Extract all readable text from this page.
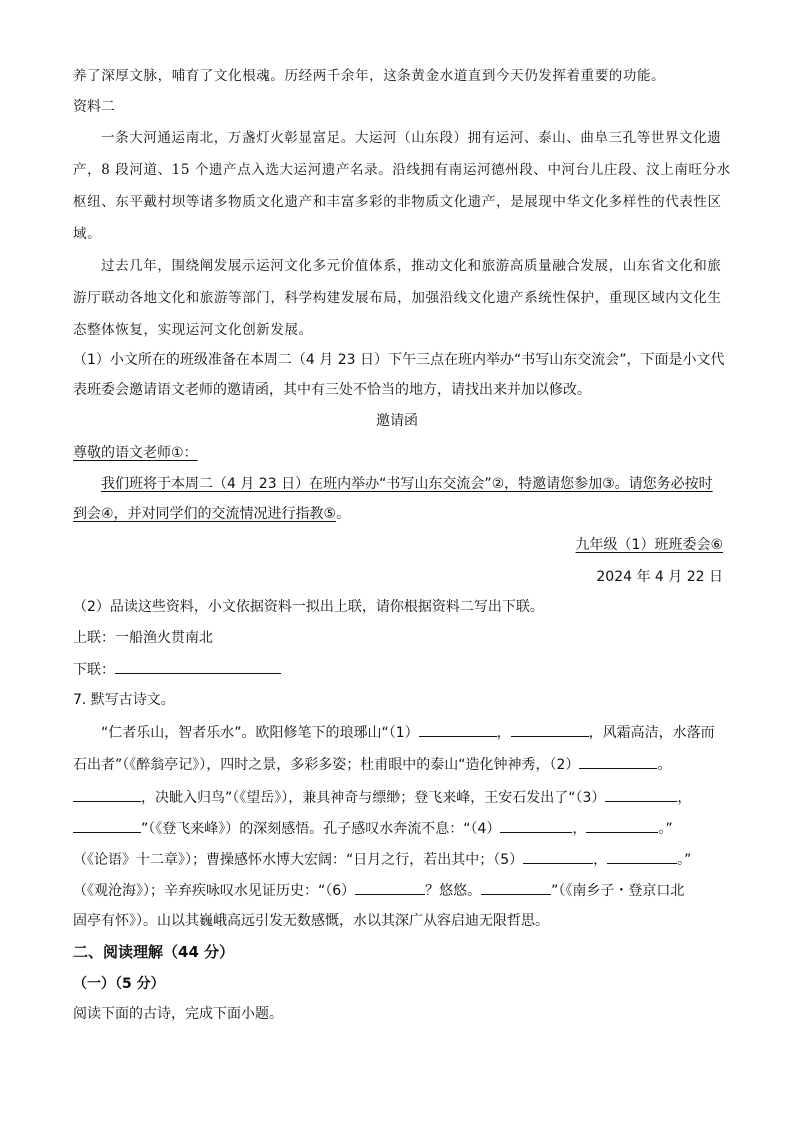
养了深厚文脉，哺育了文化根魂。历经两千余年，这条黄金水道直到今天仍发挥着重要的功能。
资料二
一条大河通运南北，万盏灯火彰显富足。大运河（山东段）拥有运河、泰山、曲阜三孔等世界文化遗
产，8 段河道、15 个遗产点入选大运河遗产名录。沿线拥有南运河德州段、中河台儿庄段、汶上南旺分水
枢纽、东平戴村坝等诸多物质文化遗产和丰富多彩的非物质文化遗产，是展现中华文化多样性的代表性区
域。
过去几年，围绕阐发展示运河文化多元价值体系，推动文化和旅游高质量融合发展，山东省文化和旅
游厅联动各地文化和旅游等部门，科学构建发展布局，加强沿线文化遗产系统性保护，重现区域内文化生
态整体恢复，实现运河文化创新发展。
（1）小文所在的班级准备在本周二（4 月 23 日）下午三点在班内举办“书写山东交流会”，下面是小文代
表班委会邀请语文老师的邀请函，其中有三处不恰当的地方，请找出来并加以修改。
邀请函
尊敬的语文老师①：
我们班将于本周二（4 月 23 日）在班内举办“书写山东交流会”②，特邀请您参加③。请您务必按时
到会④，并对同学们的交流情况进行指教⑤。
九年级（1）班班委会⑥
2024 年 4 月 22 日
（2）品读这些资料，小文依据资料一拟出上联，请你根据资料二写出下联。
上联：一船渔火贯南北
下联：
7. 默写古诗文。
“仁者乐山，智者乐水”。欧阳修笔下的琅琊山“（1）	，	，风霜高洁，水落而
石出者”（《醉翁亭记》），四时之景，多彩多姿；杜甫眼中的泰山“造化钟神秀，（2）	。
，决眦入归鸟”（《望岳》），兼具神奇与缥缈；登飞来峰，王安石发出了“（3）	，
”（《登飞来峰》）的深刻感悟。孔子感叹水奔流不息：“（4）	，	。”
（《论语》十二章》）；曹操感怀水博大宏阔：“日月之行，若出其中；（5）	，	。”
（《观沧海》）；辛弃疾咏叹水见证历史：“（6）	？悠悠。	”（《南乡子・登京口北
固亭有怀》）。山以其巍峨高远引发无数感慨，水以其深广从容启迪无限哲思。
二、阅读理解（44 分）
（一）（5 分）
阅读下面的古诗，完成下面小题。
